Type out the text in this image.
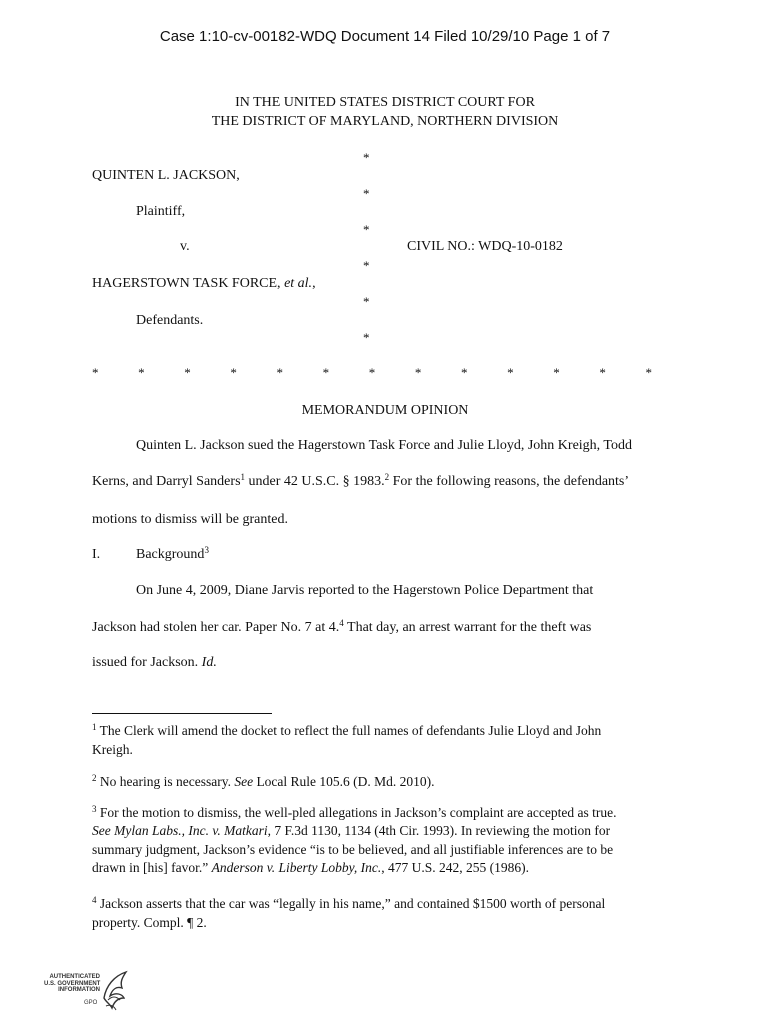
Case 1:10-cv-00182-WDQ Document 14 Filed 10/29/10 Page 1 of 7
IN THE UNITED STATES DISTRICT COURT FOR
THE DISTRICT OF MARYLAND, NORTHERN DIVISION
*
*
*
*
*
*
QUINTEN L. JACKSON,
Plaintiff,
v.	CIVIL NO.: WDQ-10-0182
HAGERSTOWN TASK FORCE, et al.,
Defendants.
*	*	*	*	*	*	*	*	*	*	*	*	*
MEMORANDUM OPINION
Quinten L. Jackson sued the Hagerstown Task Force and Julie Lloyd, John Kreigh, Todd
Kerns, and Darryl Sanders$^1$ under 42 U.S.C. § 1983.$^2$ For the following reasons, the defendants’
motions to dismiss will be granted.
I.	Background$^3$
On June 4, 2009, Diane Jarvis reported to the Hagerstown Police Department that
Jackson had stolen her car. Paper No. 7 at 4.$^4$ That day, an arrest warrant for the theft was
issued for Jackson. Id.
$^1$ The Clerk will amend the docket to reflect the full names of defendants Julie Lloyd and John
Kreigh.
$^2$ No hearing is necessary. See Local Rule 105.6 (D. Md. 2010).
$^3$ For the motion to dismiss, the well-pled allegations in Jackson’s complaint are accepted as true.
See Mylan Labs., Inc. v. Matkari, 7 F.3d 1130, 1134 (4th Cir. 1993). In reviewing the motion for
summary judgment, Jackson’s evidence “is to be believed, and all justifiable inferences are to be
drawn in [his] favor.” Anderson v. Liberty Lobby, Inc., 477 U.S. 242, 255 (1986).
$^4$ Jackson asserts that the car was “legally in his name,” and contained $1500 worth of personal
property. Compl. ¶ 2.
AUTHENTICATED
U.S. GOVERNMENT
INFORMATION
GPO
